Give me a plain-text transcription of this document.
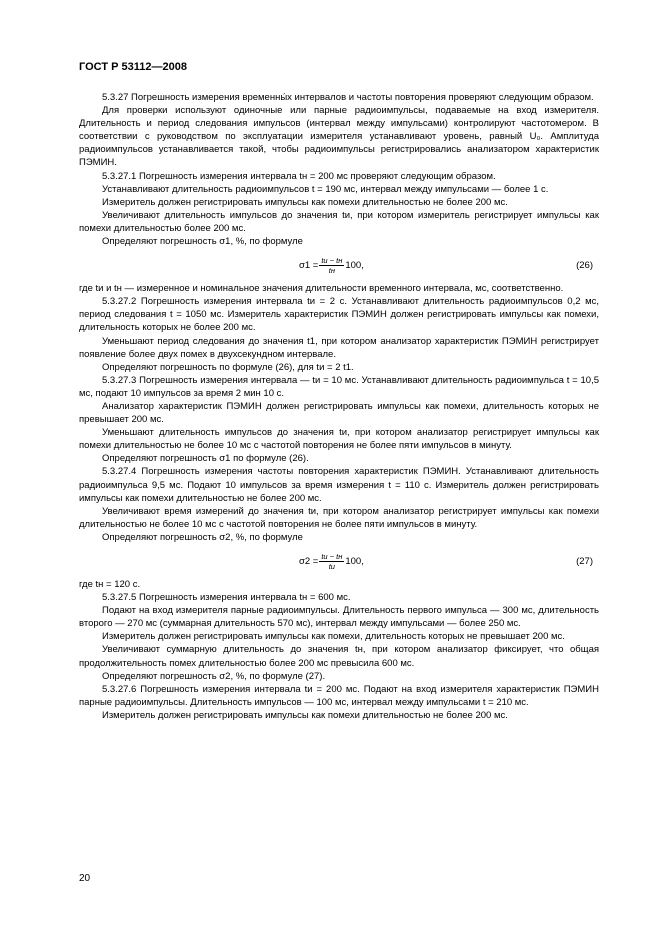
ГОСТ Р 53112—2008

5.3.27 Погрешность измерения временны́х интервалов и частоты повторения проверяют следующим образом.

Для проверки используют одиночные или парные радиоимпульсы, подаваемые на вход измерителя. Длительность и период следования импульсов (интервал между импульсами) контролируют частотомером. В соответствии с руководством по эксплуатации измерителя устанавливают уровень, равный U₀. Амплитуда радиоимпульсов устанавливается такой, чтобы радиоимпульсы регистрировались анализатором характеристик ПЭМИН.

5.3.27.1 Погрешность измерения интервала tн = 200 мс проверяют следующим образом.

Устанавливают длительность радиоимпульсов t = 190 мс, интервал между импульсами — более 1 с.

Измеритель должен регистрировать импульсы как помехи длительностью не более 200 мс.

Увеличивают длительность импульсов до значения tи, при котором измеритель регистрирует импульсы как помехи длительностью более 200 мс.

Определяют погрешность σ1, %, по формуле

$\sigma 1 = \frac{tи - tн}{tн} 100$,	(26)

где tи и tн — измеренное и номинальное значения длительности временного интервала, мс, соответственно.

5.3.27.2 Погрешность измерения интервала tи = 2 с. Устанавливают длительность радиоимпульсов 0,2 мс, период следования t = 1050 мс. Измеритель характеристик ПЭМИН должен регистрировать импульсы как помехи, длительность которых не более 200 мс.

Уменьшают период следования до значения t1, при котором анализатор характеристик ПЭМИН регистрирует появление более двух помех в двухсекундном интервале.

Определяют погрешность по формуле (26), для tи = 2 t1.

5.3.27.3 Погрешность измерения интервала — tи = 10 мс. Устанавливают длительность радиоимпульса t = 10,5 мс, подают 10 импульсов за время 2 мин 10 с.

Анализатор характеристик ПЭМИН должен регистрировать импульсы как помехи, длительность которых не превышает 200 мс.

Уменьшают длительность импульсов до значения tи, при котором анализатор регистрирует импульсы как помехи длительностью не более 10 мс с частотой повторения не более пяти импульсов в минуту.

Определяют погрешность σ1 по формуле (26).

5.3.27.4 Погрешность измерения частоты повторения характеристик ПЭМИН. Устанавливают длительность радиоимпульса 9,5 мс. Подают 10 импульсов за время измерения t = 110 с. Измеритель должен регистрировать импульсы как помехи длительностью не более 200 мс.

Увеличивают время измерений до значения tи, при котором анализатор регистрирует импульсы как помехи длительностью не более 10 мс с частотой повторения не более пяти импульсов в минуту.

Определяют погрешность σ2, %, по формуле

$\sigma 2 = \frac{tи - tн}{tи} 100$,	(27)

где tн = 120 с.

5.3.27.5 Погрешность измерения интервала tн = 600 мс.

Подают на вход измерителя парные радиоимпульсы. Длительность первого импульса — 300 мс, длительность второго — 270 мс (суммарная длительность 570 мс), интервал между импульсами — более 250 мс.

Измеритель должен регистрировать импульсы как помехи, длительность которых не превышает 200 мс.

Увеличивают суммарную длительность до значения tн, при котором анализатор фиксирует, что общая продолжительность помех длительностью более 200 мс превысила 600 мс.

Определяют погрешность σ2, %, по формуле (27).

5.3.27.6 Погрешность измерения интервала tи = 200 мс. Подают на вход измерителя характеристик ПЭМИН парные радиоимпульсы. Длительность импульсов — 100 мс, интервал между импульсами t = 210 мс.

Измеритель должен регистрировать импульсы как помехи длительностью не более 200 мс.

20
